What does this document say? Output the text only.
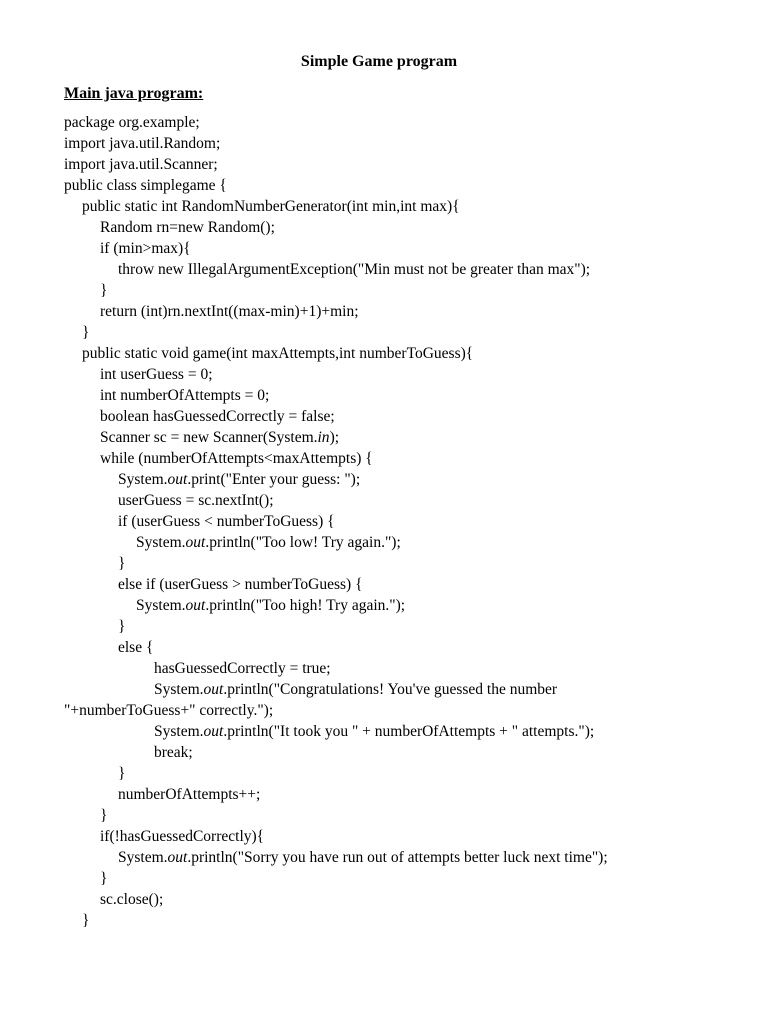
Simple Game program
Main java program:
package org.example;
import java.util.Random;
import java.util.Scanner;
public class simplegame {
public static int RandomNumberGenerator(int min,int max){
Random rn=new Random();
if (min>max){
throw new IllegalArgumentException("Min must not be greater than max");
}
return (int)rn.nextInt((max-min)+1)+min;
}
public static void game(int maxAttempts,int numberToGuess){
int userGuess = 0;
int numberOfAttempts = 0;
boolean hasGuessedCorrectly = false;
Scanner sc = new Scanner(System.in);
while (numberOfAttempts<maxAttempts) {
System.out.print("Enter your guess: ");
userGuess = sc.nextInt();
if (userGuess < numberToGuess) {
System.out.println("Too low! Try again.");
}
else if (userGuess > numberToGuess) {
System.out.println("Too high! Try again.");
}
else {
hasGuessedCorrectly = true;
System.out.println("Congratulations! You've guessed the number
"+numberToGuess+" correctly.");
System.out.println("It took you " + numberOfAttempts + " attempts.");
break;
}
numberOfAttempts++;
}
if(!hasGuessedCorrectly){
System.out.println("Sorry you have run out of attempts better luck next time");
}
sc.close();
}
